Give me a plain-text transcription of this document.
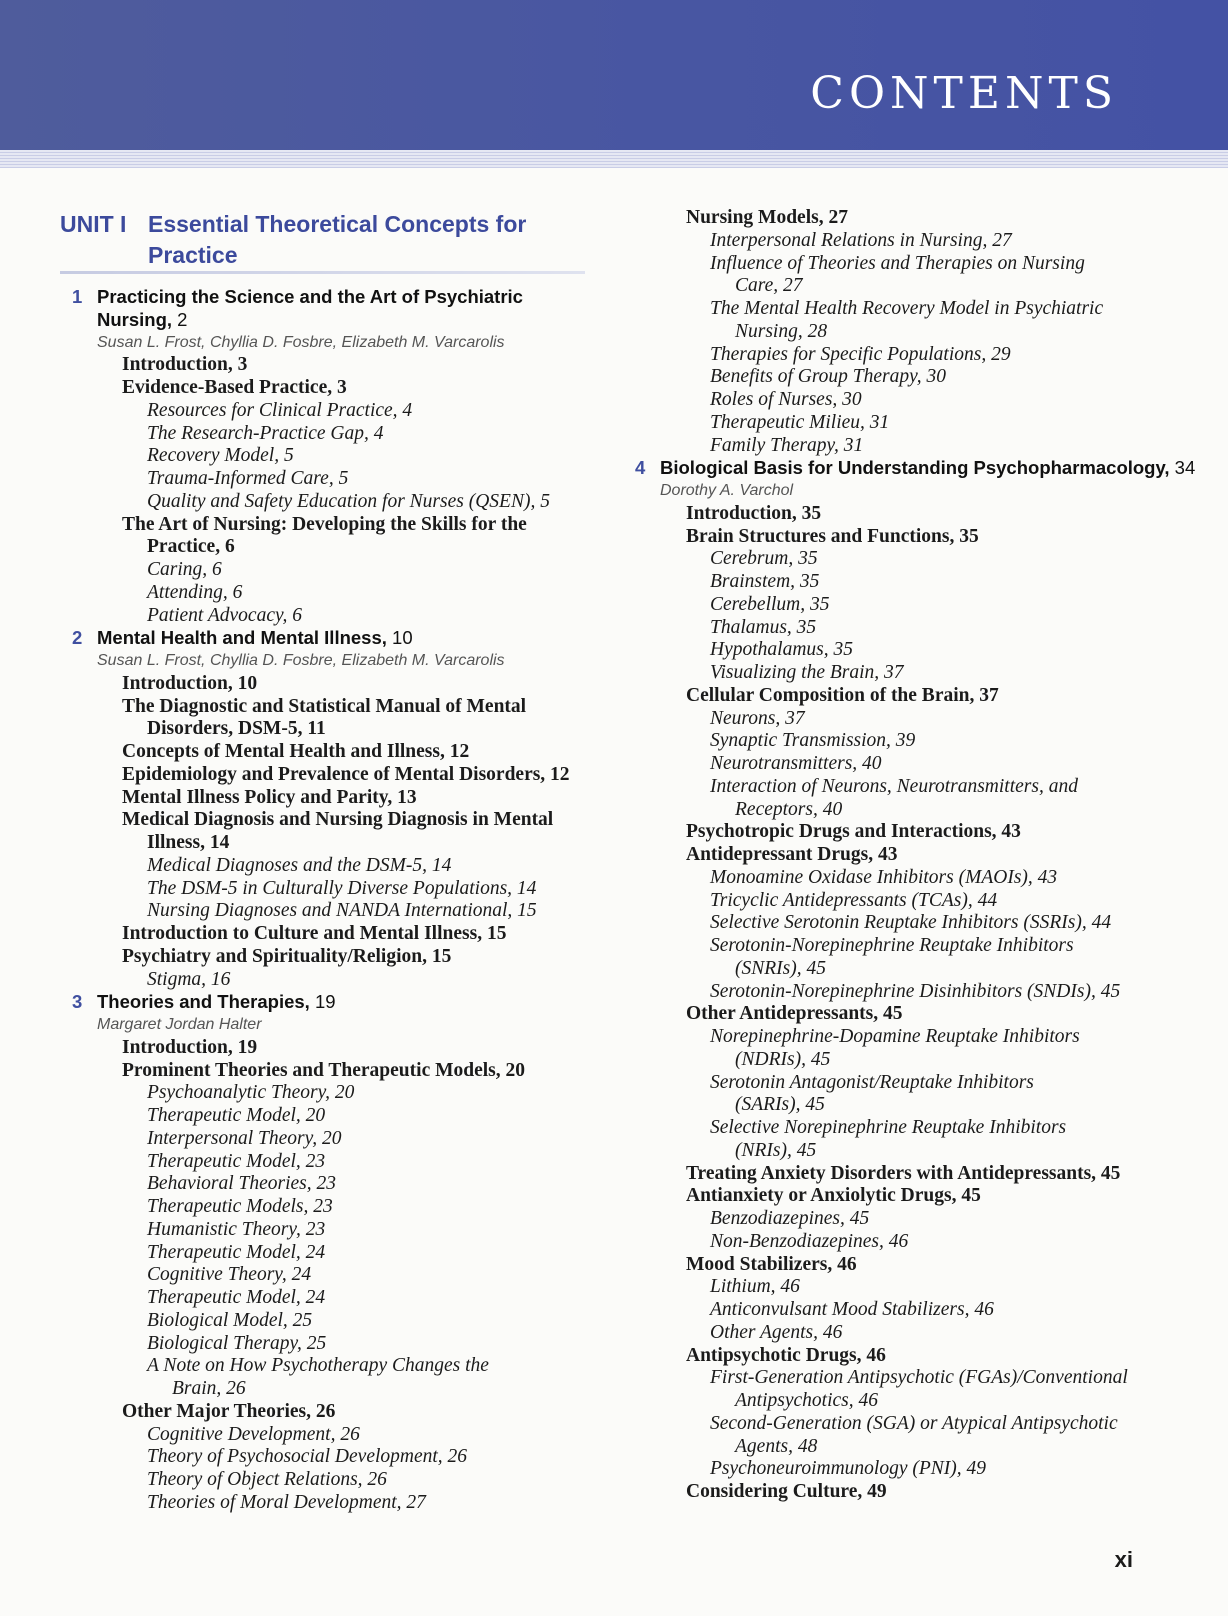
CONTENTS
UNIT I Essential Theoretical Concepts for
Practice
1 Practicing the Science and the Art of Psychiatric
Nursing, 2
Susan L. Frost, Chyllia D. Fosbre, Elizabeth M. Varcarolis
Introduction, 3
Evidence-Based Practice, 3
Resources for Clinical Practice, 4
The Research-Practice Gap, 4
Recovery Model, 5
Trauma-Informed Care, 5
Quality and Safety Education for Nurses (QSEN), 5
The Art of Nursing: Developing the Skills for the
Practice, 6
Caring, 6
Attending, 6
Patient Advocacy, 6
2 Mental Health and Mental Illness, 10
Susan L. Frost, Chyllia D. Fosbre, Elizabeth M. Varcarolis
Introduction, 10
The Diagnostic and Statistical Manual of Mental
Disorders, DSM-5, 11
Concepts of Mental Health and Illness, 12
Epidemiology and Prevalence of Mental Disorders, 12
Mental Illness Policy and Parity, 13
Medical Diagnosis and Nursing Diagnosis in Mental
Illness, 14
Medical Diagnoses and the DSM-5, 14
The DSM-5 in Culturally Diverse Populations, 14
Nursing Diagnoses and NANDA International, 15
Introduction to Culture and Mental Illness, 15
Psychiatry and Spirituality/Religion, 15
Stigma, 16
3 Theories and Therapies, 19
Margaret Jordan Halter
Introduction, 19
Prominent Theories and Therapeutic Models, 20
Psychoanalytic Theory, 20
Therapeutic Model, 20
Interpersonal Theory, 20
Therapeutic Model, 23
Behavioral Theories, 23
Therapeutic Models, 23
Humanistic Theory, 23
Therapeutic Model, 24
Cognitive Theory, 24
Therapeutic Model, 24
Biological Model, 25
Biological Therapy, 25
A Note on How Psychotherapy Changes the
Brain, 26
Other Major Theories, 26
Cognitive Development, 26
Theory of Psychosocial Development, 26
Theory of Object Relations, 26
Theories of Moral Development, 27
Nursing Models, 27
Interpersonal Relations in Nursing, 27
Influence of Theories and Therapies on Nursing
Care, 27
The Mental Health Recovery Model in Psychiatric
Nursing, 28
Therapies for Specific Populations, 29
Benefits of Group Therapy, 30
Roles of Nurses, 30
Therapeutic Milieu, 31
Family Therapy, 31
4 Biological Basis for Understanding Psychopharmacology, 34
Dorothy A. Varchol
Introduction, 35
Brain Structures and Functions, 35
Cerebrum, 35
Brainstem, 35
Cerebellum, 35
Thalamus, 35
Hypothalamus, 35
Visualizing the Brain, 37
Cellular Composition of the Brain, 37
Neurons, 37
Synaptic Transmission, 39
Neurotransmitters, 40
Interaction of Neurons, Neurotransmitters, and
Receptors, 40
Psychotropic Drugs and Interactions, 43
Antidepressant Drugs, 43
Monoamine Oxidase Inhibitors (MAOIs), 43
Tricyclic Antidepressants (TCAs), 44
Selective Serotonin Reuptake Inhibitors (SSRIs), 44
Serotonin-Norepinephrine Reuptake Inhibitors
(SNRIs), 45
Serotonin-Norepinephrine Disinhibitors (SNDIs), 45
Other Antidepressants, 45
Norepinephrine-Dopamine Reuptake Inhibitors
(NDRIs), 45
Serotonin Antagonist/Reuptake Inhibitors
(SARIs), 45
Selective Norepinephrine Reuptake Inhibitors
(NRIs), 45
Treating Anxiety Disorders with Antidepressants, 45
Antianxiety or Anxiolytic Drugs, 45
Benzodiazepines, 45
Non-Benzodiazepines, 46
Mood Stabilizers, 46
Lithium, 46
Anticonvulsant Mood Stabilizers, 46
Other Agents, 46
Antipsychotic Drugs, 46
First-Generation Antipsychotic (FGAs)/Conventional
Antipsychotics, 46
Second-Generation (SGA) or Atypical Antipsychotic
Agents, 48
Psychoneuroimmunology (PNI), 49
Considering Culture, 49
xi
